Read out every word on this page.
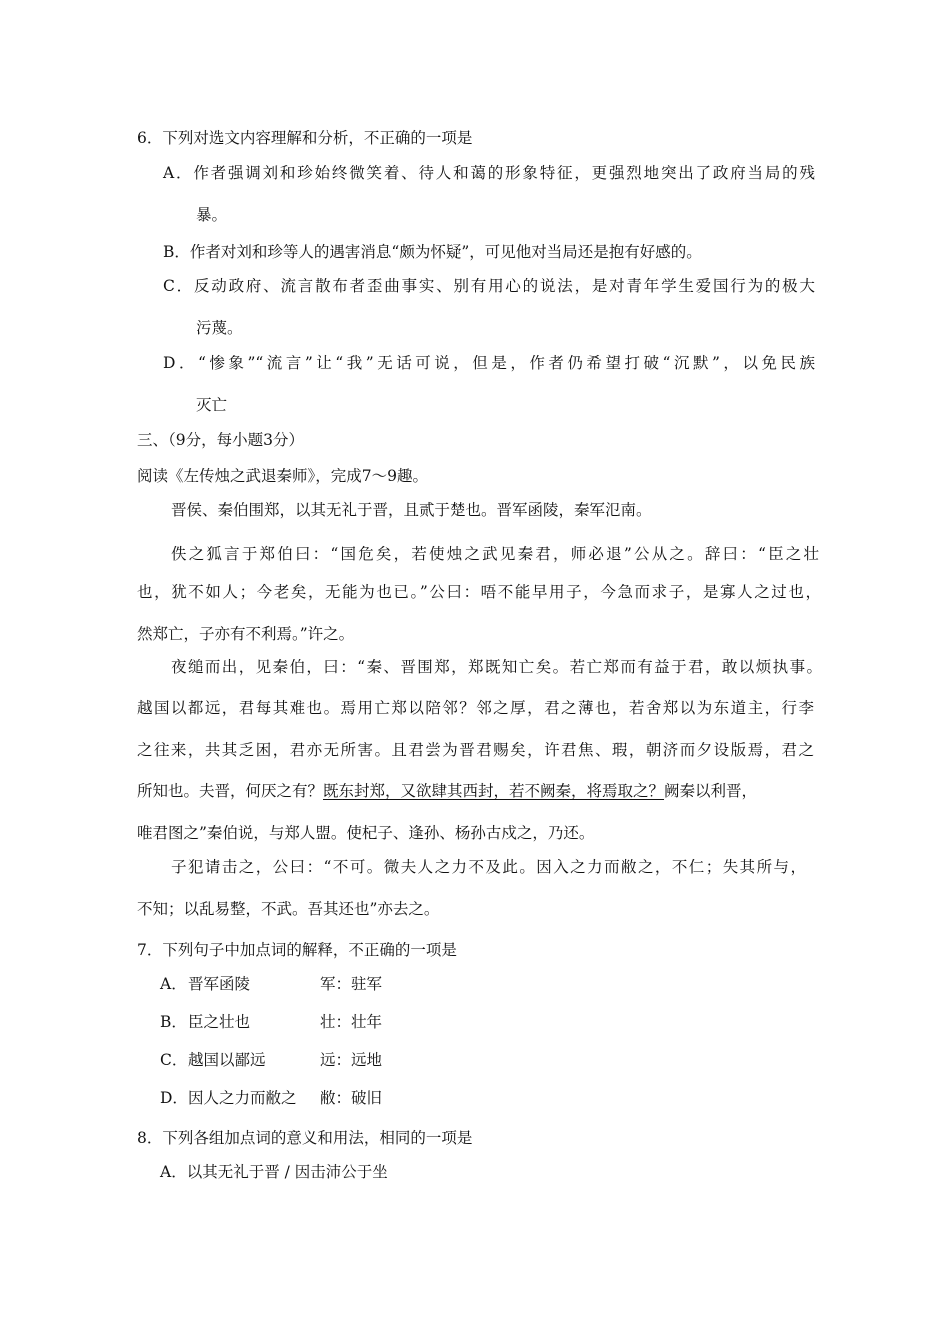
6．下列对选文内容理解和分析，不正确的一项是
A．作者强调刘和珍始终微笑着、待人和蔼的形象特征，更强烈地突出了政府当局的残
暴。
B．作者对刘和珍等人的遇害消息“颇为怀疑”，可见他对当局还是抱有好感的。
C．反动政府、流言散布者歪曲事实、别有用心的说法，是对青年学生爱国行为的极大
污蔑。
D．“惨象”“流言”让“我”无话可说，但是，作者仍希望打破“沉默”，以免民族
灭亡
三、（9分，每小题3分）
阅读《左传烛之武退秦师》，完成7～9趣。
晋侯、秦伯围郑，以其无礼于晋，且贰于楚也。晋军函陵，秦军氾南。
佚之狐言于郑伯曰：“国危矣，若使烛之武见秦君，师必退”公从之。辞曰：“臣之壮
也，犹不如人；今老矣，无能为也已。”公曰：唔不能早用子，今急而求子，是寡人之过也，
然郑亡，子亦有不利焉。”许之。
夜缒而出，见秦伯，曰：“秦、晋围郑，郑既知亡矣。若亡郑而有益于君，敢以烦执事。
越国以都远，君每其难也。焉用亡郑以陪邻？邻之厚，君之薄也，若舍郑以为东道主，行李
之往来，共其乏困，君亦无所害。且君尝为晋君赐矣，许君焦、瑕，朝济而夕设版焉，君之
所知也。夫晋，何厌之有？既东封郑，又欲肆其西封，若不阙秦，将焉取之？阙秦以利晋，
唯君图之”秦伯说，与郑人盟。使杞子、逢孙、杨孙古戍之，乃还。
子犯请击之，公曰：“不可。微夫人之力不及此。因入之力而敝之，不仁；失其所与，
不知；以乱易整，不武。吾其还也”亦去之。
7．下列句子中加点词的解释，不正确的一项是
A． 晋军函陵	军：驻军
B． 臣之壮也	壮：壮年
C． 越国以鄙远	远：远地
D． 因人之力而敝之 敝：破旧
8．下列各组加点词的意义和用法，相同的一项是
A．以其无礼于晋 / 因击沛公于坐
